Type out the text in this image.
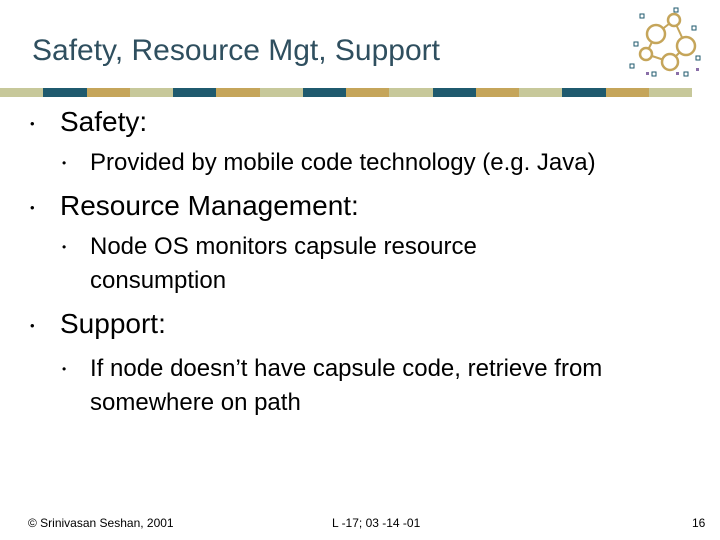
Safety, Resource Mgt, Support
• Safety:
• Provided by mobile code technology (e.g. Java)
• Resource Management:
• Node OS monitors capsule resource consumption
• Support:
• If node doesn’t have capsule code, retrieve from somewhere on path
© Srinivasan Seshan, 2001	L -17; 03 -14 -01	16
